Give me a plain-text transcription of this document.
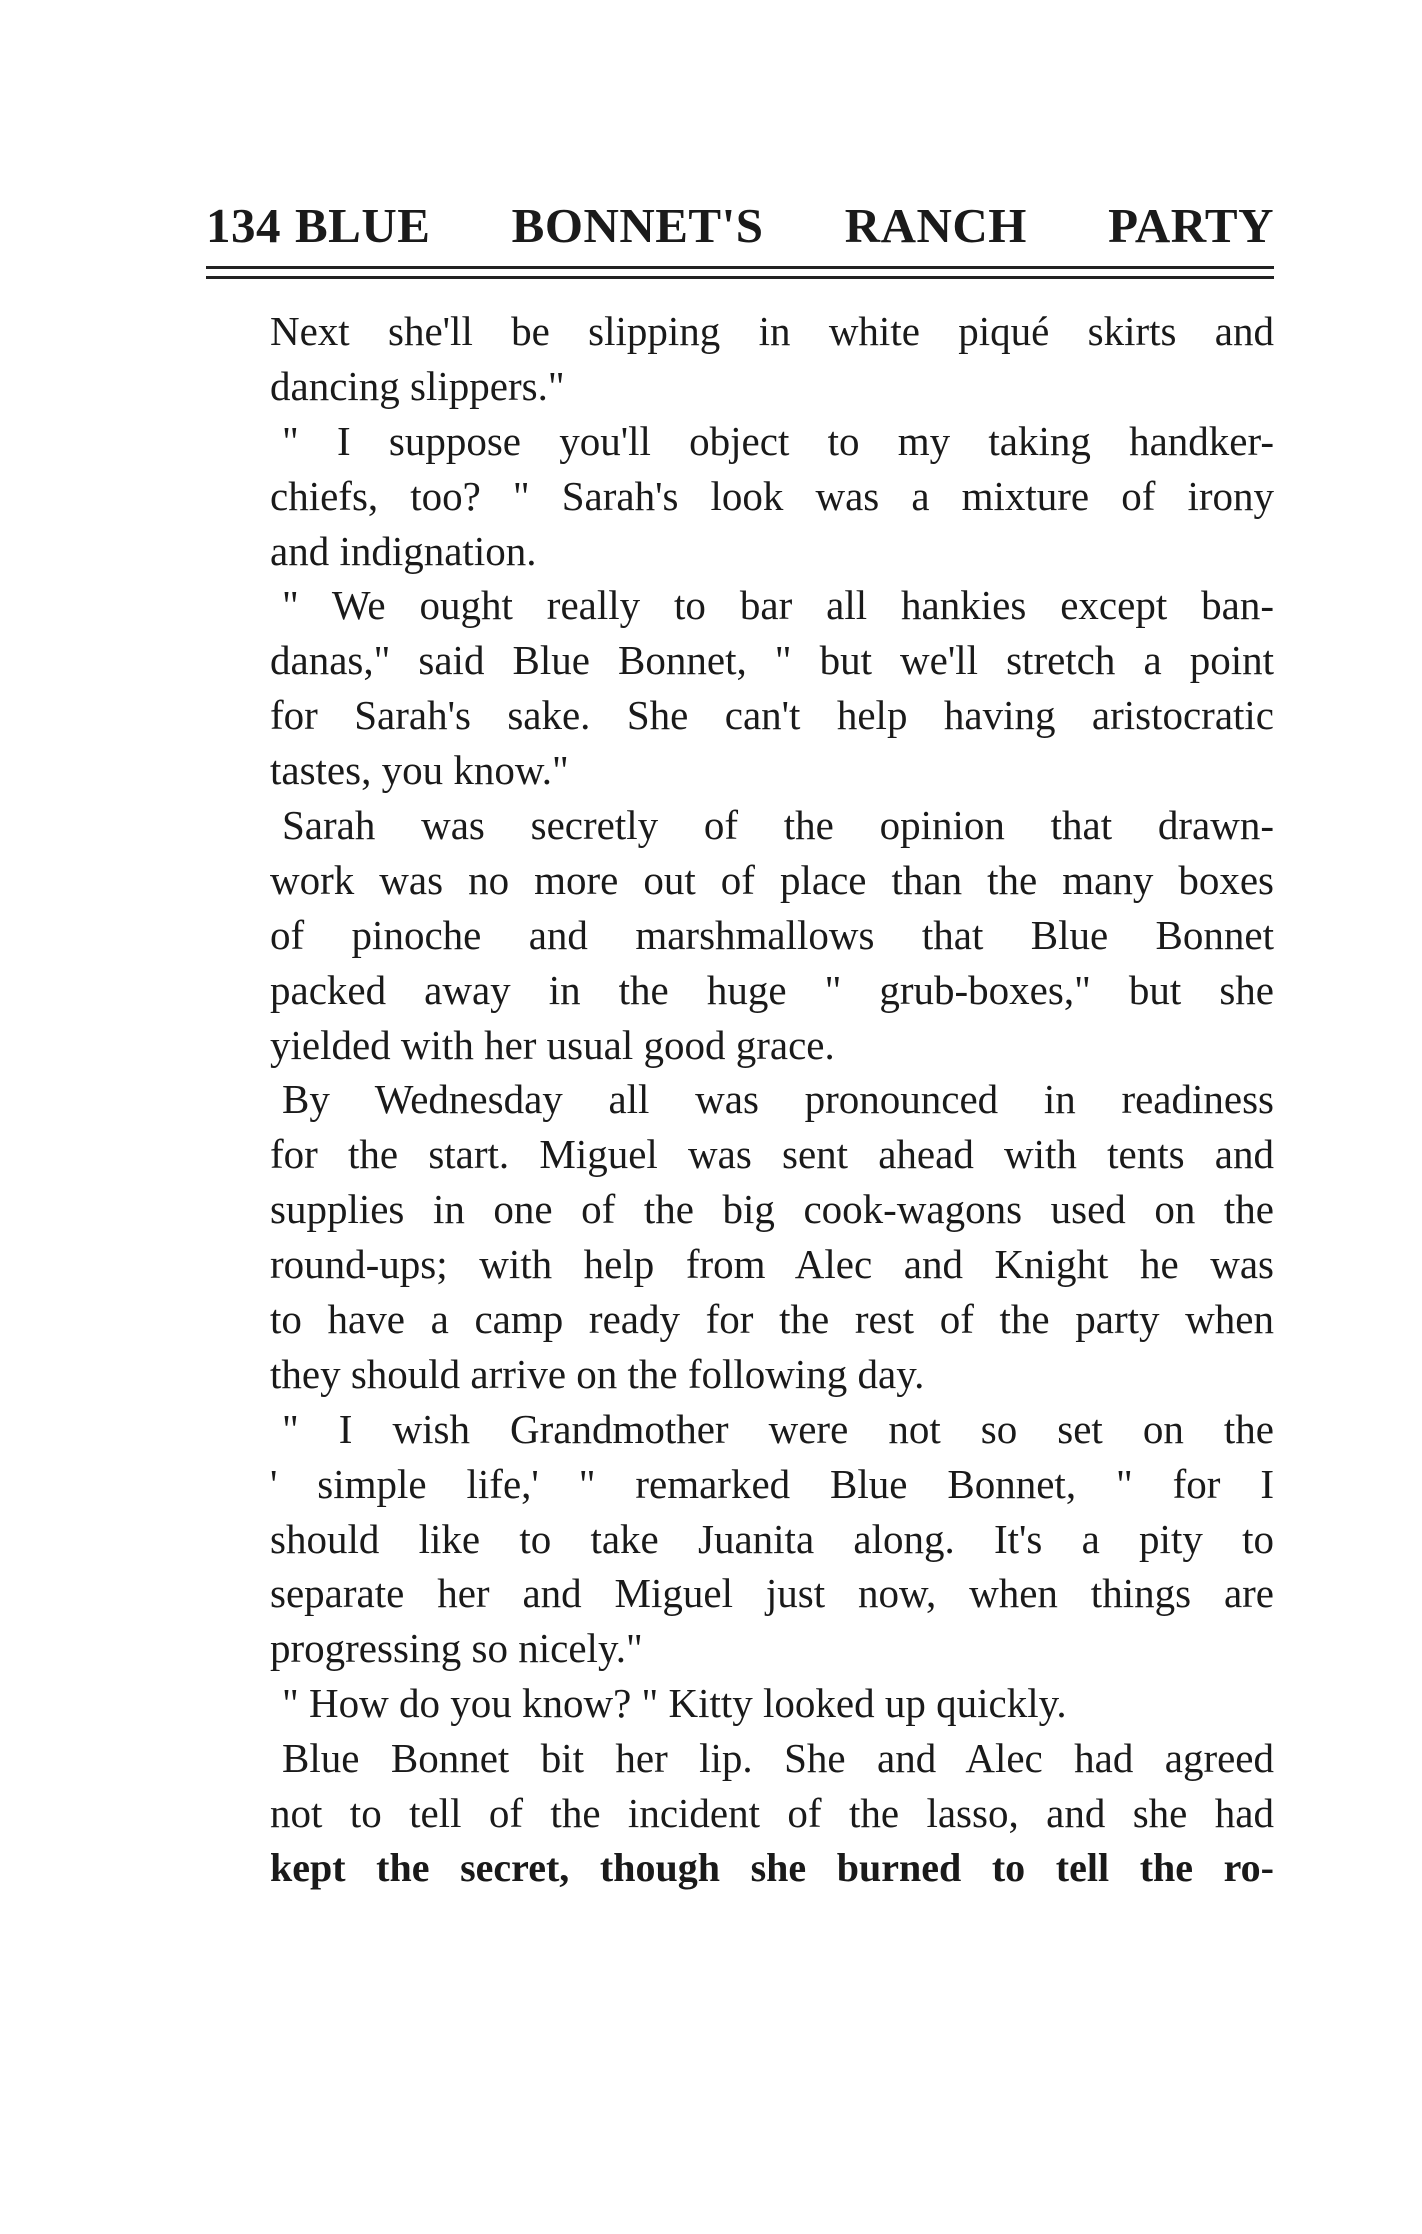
134 BLUE BONNET'S RANCH PARTY
Next she'll be slipping in white piqué skirts and
dancing slippers."
" I suppose you'll object to my taking handker-
chiefs, too? " Sarah's look was a mixture of irony
and indignation.
" We ought really to bar all hankies except ban-
danas," said Blue Bonnet, " but we'll stretch a point
for Sarah's sake. She can't help having aristocratic
tastes, you know."
Sarah was secretly of the opinion that drawn-
work was no more out of place than the many boxes
of pinoche and marshmallows that Blue Bonnet
packed away in the huge " grub-boxes," but she
yielded with her usual good grace.
By Wednesday all was pronounced in readiness
for the start. Miguel was sent ahead with tents and
supplies in one of the big cook-wagons used on the
round-ups; with help from Alec and Knight he was
to have a camp ready for the rest of the party when
they should arrive on the following day.
" I wish Grandmother were not so set on the
' simple life,' " remarked Blue Bonnet, " for I
should like to take Juanita along. It's a pity to
separate her and Miguel just now, when things are
progressing so nicely."
" How do you know? " Kitty looked up quickly.
Blue Bonnet bit her lip. She and Alec had agreed
not to tell of the incident of the lasso, and she had
kept the secret, though she burned to tell the ro-
